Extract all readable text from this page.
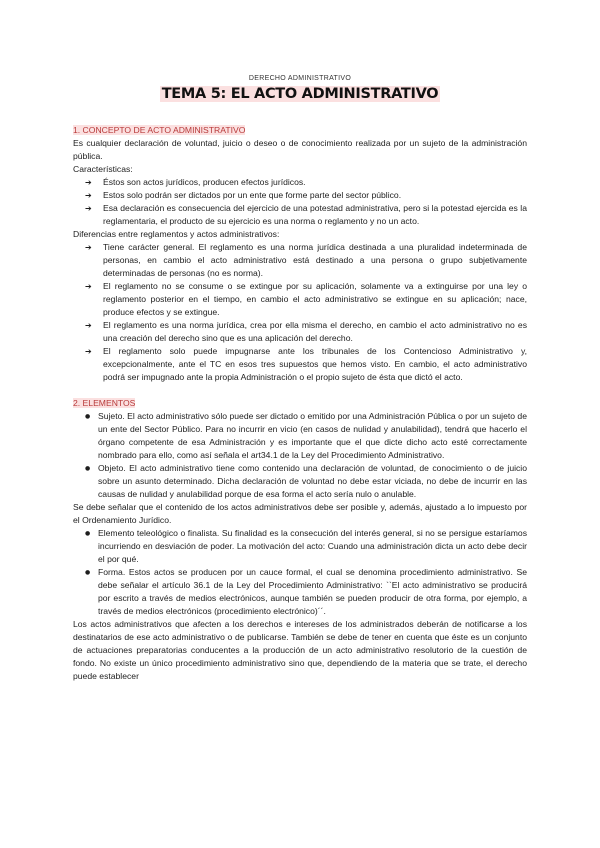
DERECHO ADMINISTRATIVO
TEMA 5: EL ACTO ADMINISTRATIVO

1. CONCEPTO DE ACTO ADMINISTRATIVO

Es cualquier declaración de voluntad, juicio o deseo o de conocimiento realizada por un sujeto de la administración pública.

Características:

➔ Éstos son actos jurídicos, producen efectos jurídicos.
➔ Estos solo podrán ser dictados por un ente que forme parte del sector público.
➔ Esa declaración es consecuencia del ejercicio de una potestad administrativa, pero si la potestad ejercida es la reglamentaria, el producto de su ejercicio es una norma o reglamento y no un acto.

Diferencias entre reglamentos y actos administrativos:

➔ Tiene carácter general. El reglamento es una norma jurídica destinada a una pluralidad indeterminada de personas, en cambio el acto administrativo está destinado a una persona o grupo subjetivamente determinadas de personas (no es norma).
➔ El reglamento no se consume o se extingue por su aplicación, solamente va a extinguirse por una ley o reglamento posterior en el tiempo, en cambio el acto administrativo se extingue en su aplicación; nace, produce efectos y se extingue.
➔ El reglamento es una norma jurídica, crea por ella misma el derecho, en cambio el acto administrativo no es una creación del derecho sino que es una aplicación del derecho.
➔ El reglamento solo puede impugnarse ante los tribunales de los Contencioso Administrativo y, excepcionalmente, ante el TC en esos tres supuestos que hemos visto. En cambio, el acto administrativo podrá ser impugnado ante la propia Administración o el propio sujeto de ésta que dictó el acto.

2. ELEMENTOS

● Sujeto. El acto administrativo sólo puede ser dictado o emitido por una Administración Pública o por un sujeto de un ente del Sector Público. Para no incurrir en vicio (en casos de nulidad y anulabilidad), tendrá que hacerlo el órgano competente de esa Administración y es importante que el que dicte dicho acto esté correctamente nombrado para ello, como así señala el art34.1 de la Ley del Procedimiento Administrativo.
● Objeto. El acto administrativo tiene como contenido una declaración de voluntad, de conocimiento o de juicio sobre un asunto determinado. Dicha declaración de voluntad no debe estar viciada, no debe de incurrir en las causas de nulidad y anulabilidad porque de esa forma el acto sería nulo o anulable.

Se debe señalar que el contenido de los actos administrativos debe ser posible y, además, ajustado a lo impuesto por el Ordenamiento Jurídico.

● Elemento teleológico o finalista. Su finalidad es la consecución del interés general, si no se persigue estaríamos incurriendo en desviación de poder. La motivación del acto: Cuando una administración dicta un acto debe decir el por qué.
● Forma. Estos actos se producen por un cauce formal, el cual se denomina procedimiento administrativo. Se debe señalar el artículo 36.1 de la Ley del Procedimiento Administrativo: ``El acto administrativo se producirá por escrito a través de medios electrónicos, aunque también se pueden producir de otra forma, por ejemplo, a través de medios electrónicos (procedimiento electrónico)´´.

Los actos administrativos que afecten a los derechos e intereses de los administrados deberán de notificarse a los destinatarios de ese acto administrativo o de publicarse. También se debe de tener en cuenta que éste es un conjunto de actuaciones preparatorias conducentes a la producción de un acto administrativo resolutorio de la cuestión de fondo. No existe un único procedimiento administrativo sino que, dependiendo de la materia que se trate, el derecho puede establecer
